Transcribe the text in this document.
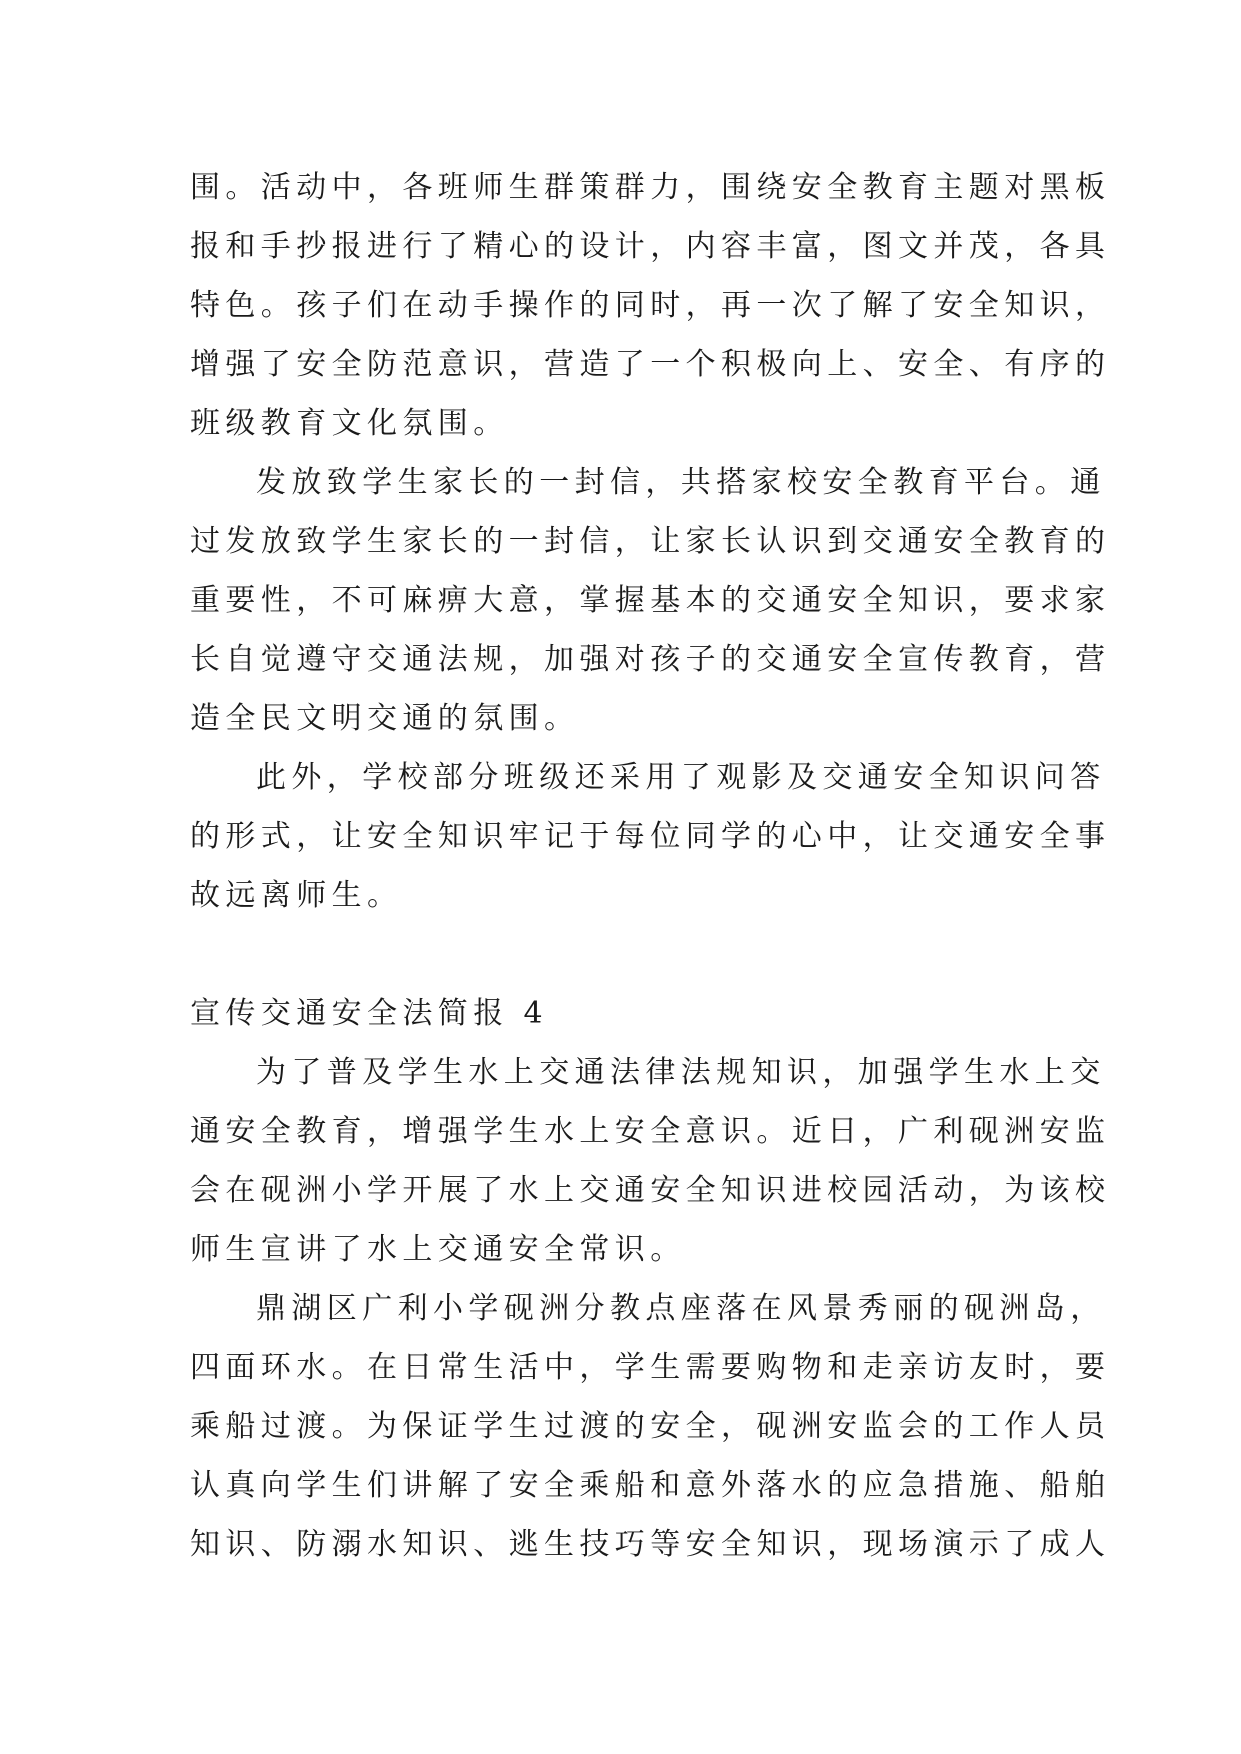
围。活动中，各班师生群策群力，围绕安全教育主题对黑板
报和手抄报进行了精心的设计，内容丰富，图文并茂，各具
特色。孩子们在动手操作的同时，再一次了解了安全知识，
增强了安全防范意识，营造了一个积极向上、安全、有序的
班级教育文化氛围。
发放致学生家长的一封信，共搭家校安全教育平台。通
过发放致学生家长的一封信，让家长认识到交通安全教育的
重要性，不可麻痹大意，掌握基本的交通安全知识，要求家
长自觉遵守交通法规，加强对孩子的交通安全宣传教育，营
造全民文明交通的氛围。
此外，学校部分班级还采用了观影及交通安全知识问答
的形式，让安全知识牢记于每位同学的心中，让交通安全事
故远离师生。
宣传交通安全法简报 4
为了普及学生水上交通法律法规知识，加强学生水上交
通安全教育，增强学生水上安全意识。近日，广利砚洲安监
会在砚洲小学开展了水上交通安全知识进校园活动，为该校
师生宣讲了水上交通安全常识。
鼎湖区广利小学砚洲分教点座落在风景秀丽的砚洲岛，
四面环水。在日常生活中，学生需要购物和走亲访友时，要
乘船过渡。为保证学生过渡的安全，砚洲安监会的工作人员
认真向学生们讲解了安全乘船和意外落水的应急措施、船舶
知识、防溺水知识、逃生技巧等安全知识，现场演示了成人
